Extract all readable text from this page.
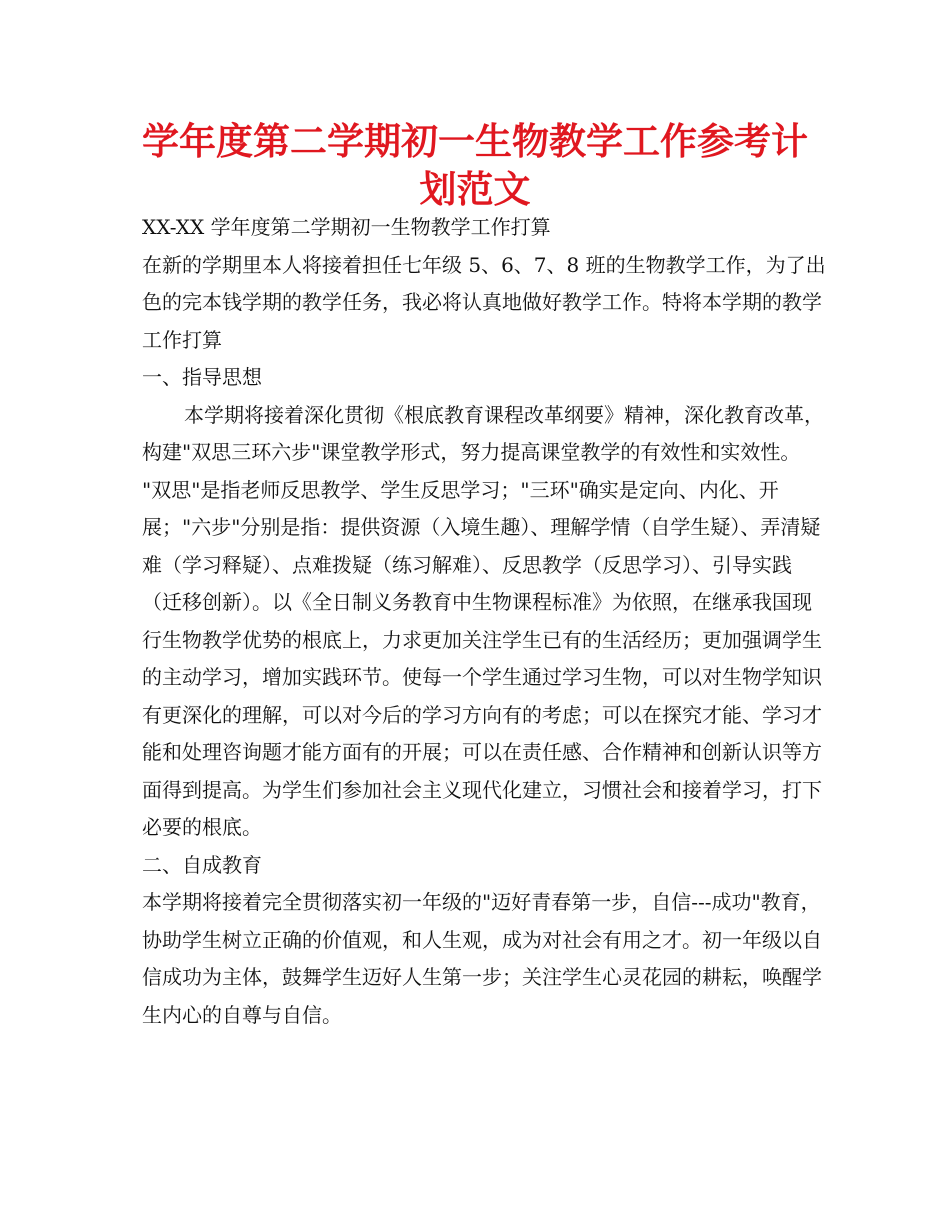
学年度第二学期初一生物教学工作参考计
划范文

XX-XX 学年度第二学期初一生物教学工作打算

在新的学期里本人将接着担任七年级 5、6、7、8 班的生物教学工作，为了出色的完本钱学期的教学任务，我必将认真地做好教学工作。特将本学期的教学工作打算

一、指导思想

本学期将接着深化贯彻《根底教育课程改革纲要》精神，深化教育改革，构建"双思三环六步"课堂教学形式，努力提高课堂教学的有效性和实效性。

"双思"是指老师反思教学、学生反思学习；"三环"确实是定向、内化、开展；"六步"分别是指：提供资源（入境生趣）、理解学情（自学生疑）、弄清疑难（学习释疑）、点难拨疑（练习解难）、反思教学（反思学习）、引导实践（迁移创新）。以《全日制义务教育中生物课程标准》为依照，在继承我国现行生物教学优势的根底上，力求更加关注学生已有的生活经历；更加强调学生的主动学习，增加实践环节。使每一个学生通过学习生物，可以对生物学知识有更深化的理解，可以对今后的学习方向有的考虑；可以在探究才能、学习才能和处理咨询题才能方面有的开展；可以在责任感、合作精神和创新认识等方面得到提高。为学生们参加社会主义现代化建立，习惯社会和接着学习，打下必要的根底。

二、自成教育

本学期将接着完全贯彻落实初一年级的"迈好青春第一步，自信---成功"教育，协助学生树立正确的价值观，和人生观，成为对社会有用之才。初一年级以自信成功为主体，鼓舞学生迈好人生第一步；关注学生心灵花园的耕耘，唤醒学生内心的自尊与自信。
